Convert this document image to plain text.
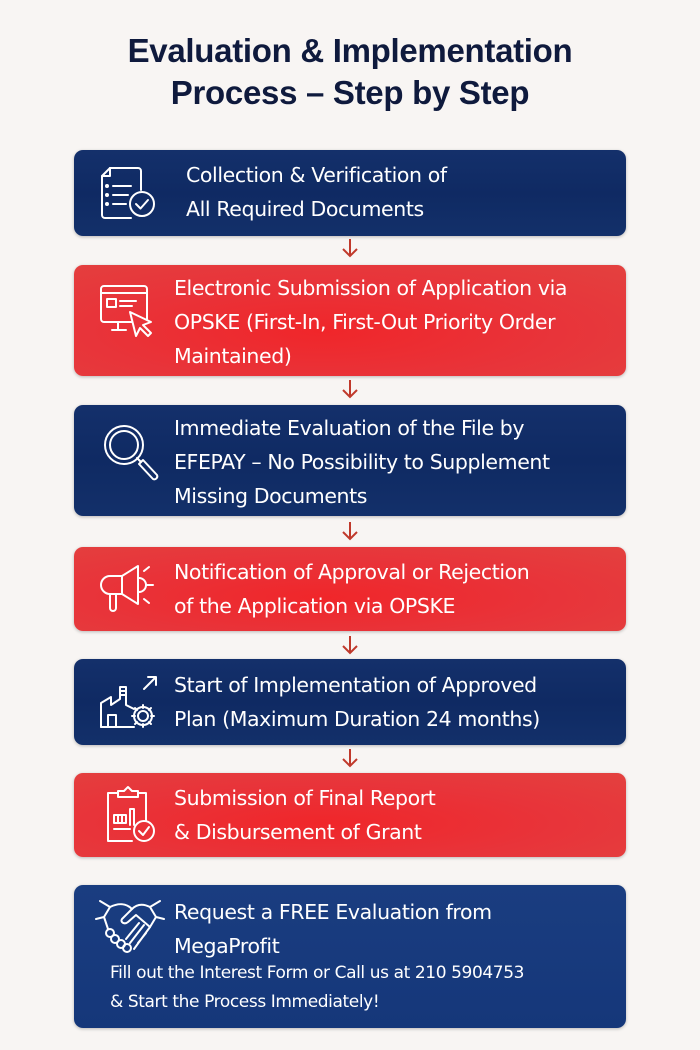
Evaluation & Implementation
Process – Step by Step
Collection & Verification of
All Required Documents
Electronic Submission of Application via
OPSKE (First-In, First-Out Priority Order
Maintained)
Immediate Evaluation of the File by
EFEPAY – No Possibility to Supplement
Missing Documents
Notification of Approval or Rejection
of the Application via OPSKE
Start of Implementation of Approved
Plan (Maximum Duration 24 months)
Submission of Final Report
& Disbursement of Grant
Request a FREE Evaluation from
MegaProfit
Fill out the Interest Form or Call us at 210 5904753
& Start the Process Immediately!
